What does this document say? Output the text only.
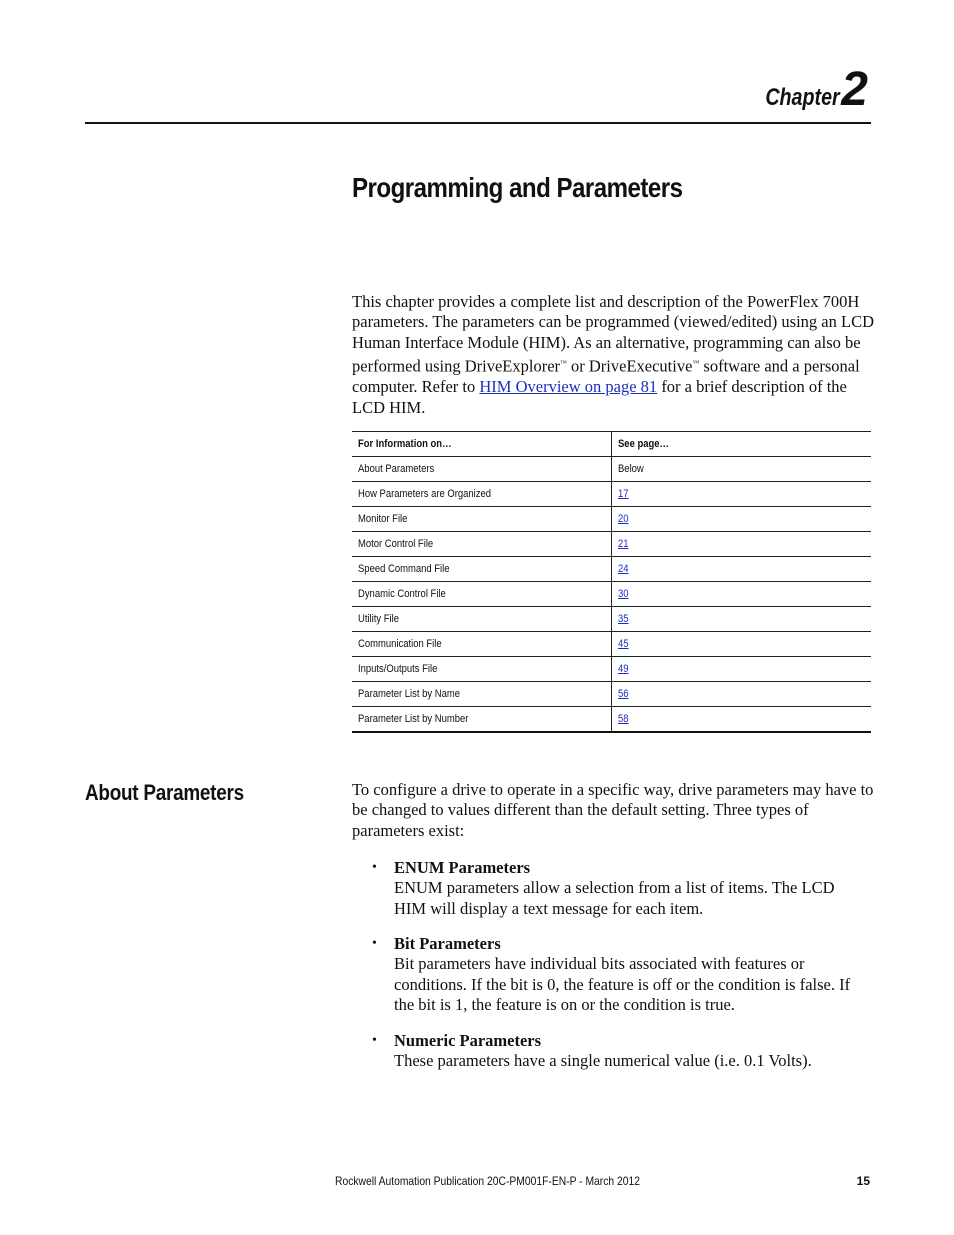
Chapter2
Programming and Parameters

This chapter provides a complete list and description of the PowerFlex 700H parameters. The parameters can be programmed (viewed/edited) using an LCD Human Interface Module (HIM). As an alternative, programming can also be performed using DriveExplorer™ or DriveExecutive™ software and a personal computer. Refer to HIM Overview on page 81 for a brief description of the LCD HIM.

For Information on…	See page…
About Parameters	Below
How Parameters are Organized	17
Monitor File	20
Motor Control File	21
Speed Command File	24
Dynamic Control File	30
Utility File	35
Communication File	45
Inputs/Outputs File	49
Parameter List by Name	56
Parameter List by Number	58
About Parameters	To configure a drive to operate in a specific way, drive parameters may have to be changed to values different than the default setting. Three types of parameters exist:

• ENUM Parameters
ENUM parameters allow a selection from a list of items. The LCD HIM will display a text message for each item.
• Bit Parameters
Bit parameters have individual bits associated with features or conditions. If the bit is 0, the feature is off or the condition is false. If the bit is 1, the feature is on or the condition is true.
• Numeric Parameters
These parameters have a single numerical value (i.e. 0.1 Volts).
Rockwell Automation Publication 20C-PM001F-EN-P - March 2012	15
